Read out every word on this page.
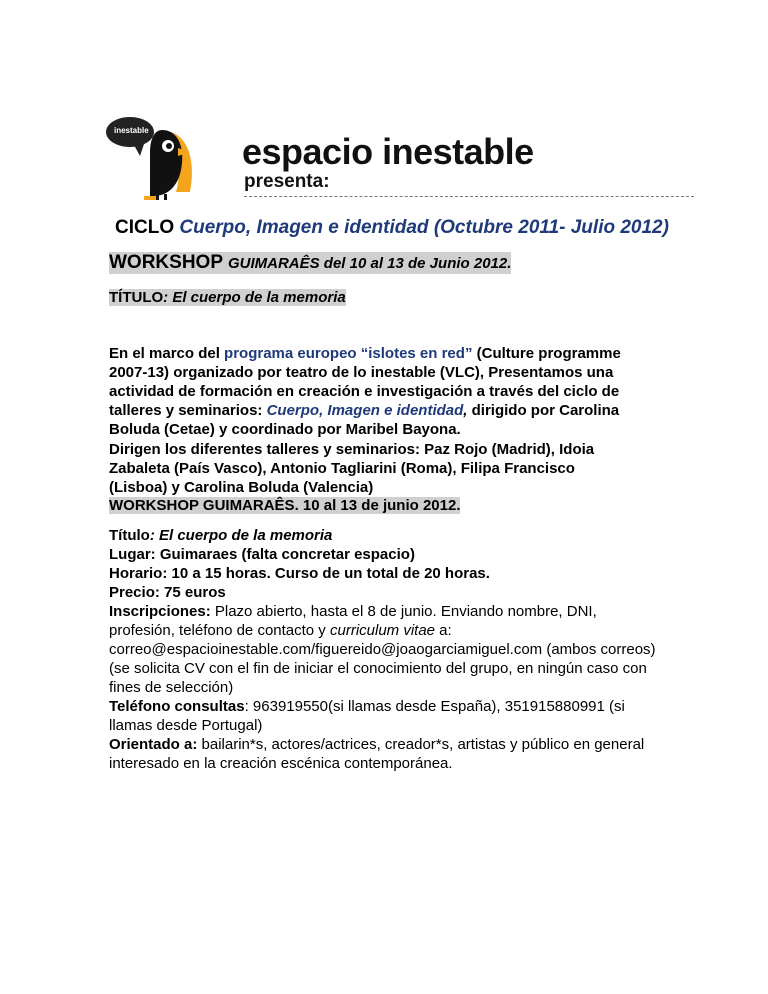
inestable
espacio inestable
presenta:
CICLO Cuerpo, Imagen e identidad (Octubre 2011- Julio 2012)
WORKSHOP GUIMARAÊS del 10 al 13 de Junio 2012.
TÍTULO: El cuerpo de la memoria
En el marco del programa europeo “islotes en red” (Culture programme
2007-13) organizado por teatro de lo inestable (VLC), Presentamos una
actividad de formación en creación e investigación a través del ciclo de
talleres y seminarios: Cuerpo, Imagen e identidad, dirigido por Carolina
Boluda (Cetae) y coordinado por Maribel Bayona.
Dirigen los diferentes talleres y seminarios: Paz Rojo (Madrid), Idoia
Zabaleta (País Vasco), Antonio Tagliarini (Roma), Filipa Francisco
(Lisboa) y Carolina Boluda (Valencia)
WORKSHOP GUIMARAÊS. 10 al 13 de junio 2012.
Título: El cuerpo de la memoria
Lugar: Guimaraes (falta concretar espacio)
Horario: 10 a 15 horas. Curso de un total de 20 horas.
Precio: 75 euros
Inscripciones: Plazo abierto, hasta el 8 de junio. Enviando nombre, DNI,
profesión, teléfono de contacto y curriculum vitae a:
correo@espacioinestable.com/figuereido@joaogarciamiguel.com (ambos correos)
(se solicita CV con el fin de iniciar el conocimiento del grupo, en ningún caso con
fines de selección)
Teléfono consultas: 963919550(si llamas desde España), 351915880991 (si
llamas desde Portugal)
Orientado a: bailarin*s, actores/actrices, creador*s, artistas y público en general
interesado en la creación escénica contemporánea.
